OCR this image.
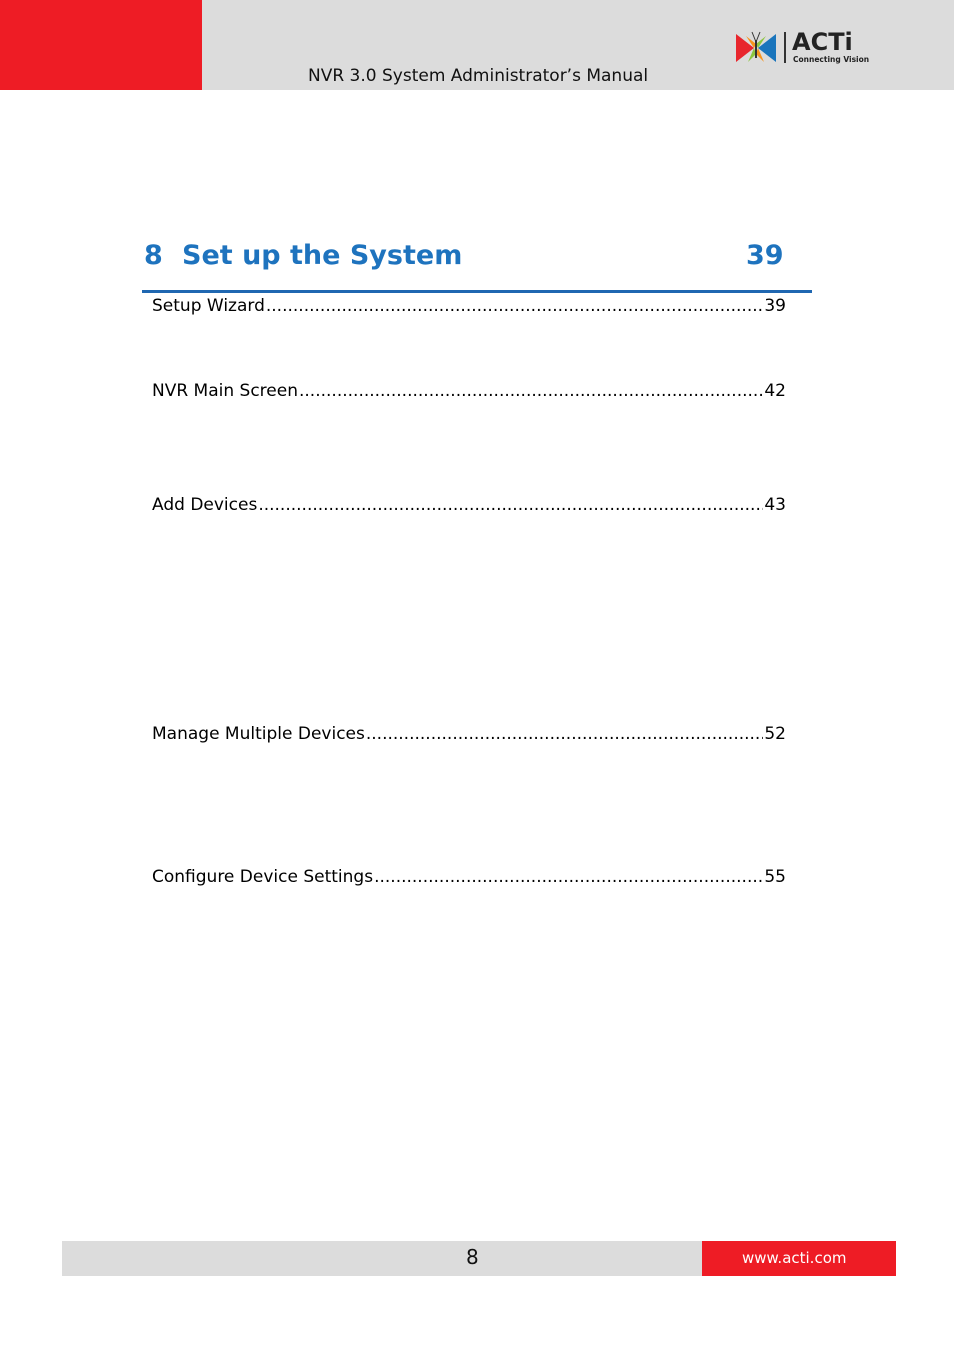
NVR 3.0 System Administrator’s Manual
ACTi
Connecting Vision
8 Set up the System	39
Setup Wizard .....	39
NVR Main Screen .....	42
Add Devices .....	43
Manage Multiple Devices .....	52
Configure Device Settings .....	55
8	www.acti.com
